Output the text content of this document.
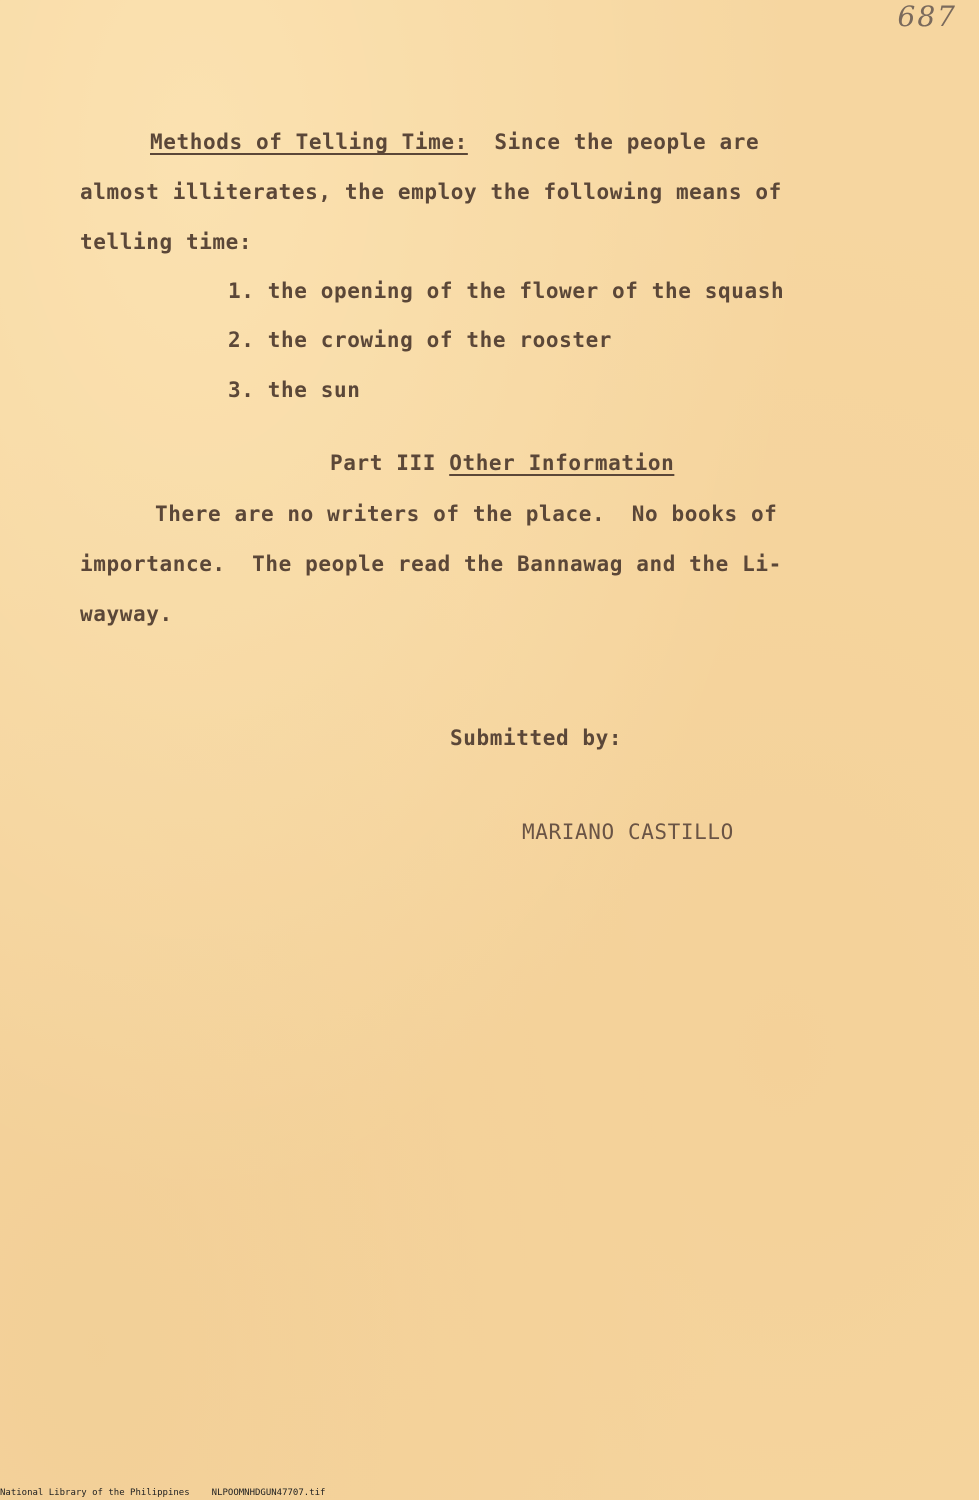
687
Methods of Telling Time: Since the people are
almost illiterates, the employ the following means of
telling time:
1. the opening of the flower of the squash
2. the crowing of the rooster
3. the sun
Part III Other Information
There are no writers of the place.  No books of
importance.  The people read the Bannawag and the Li-
wayway.
Submitted by:
MARIANO CASTILLO
National Library of the Philippines NLPOOMNHDGUN47707.tif
